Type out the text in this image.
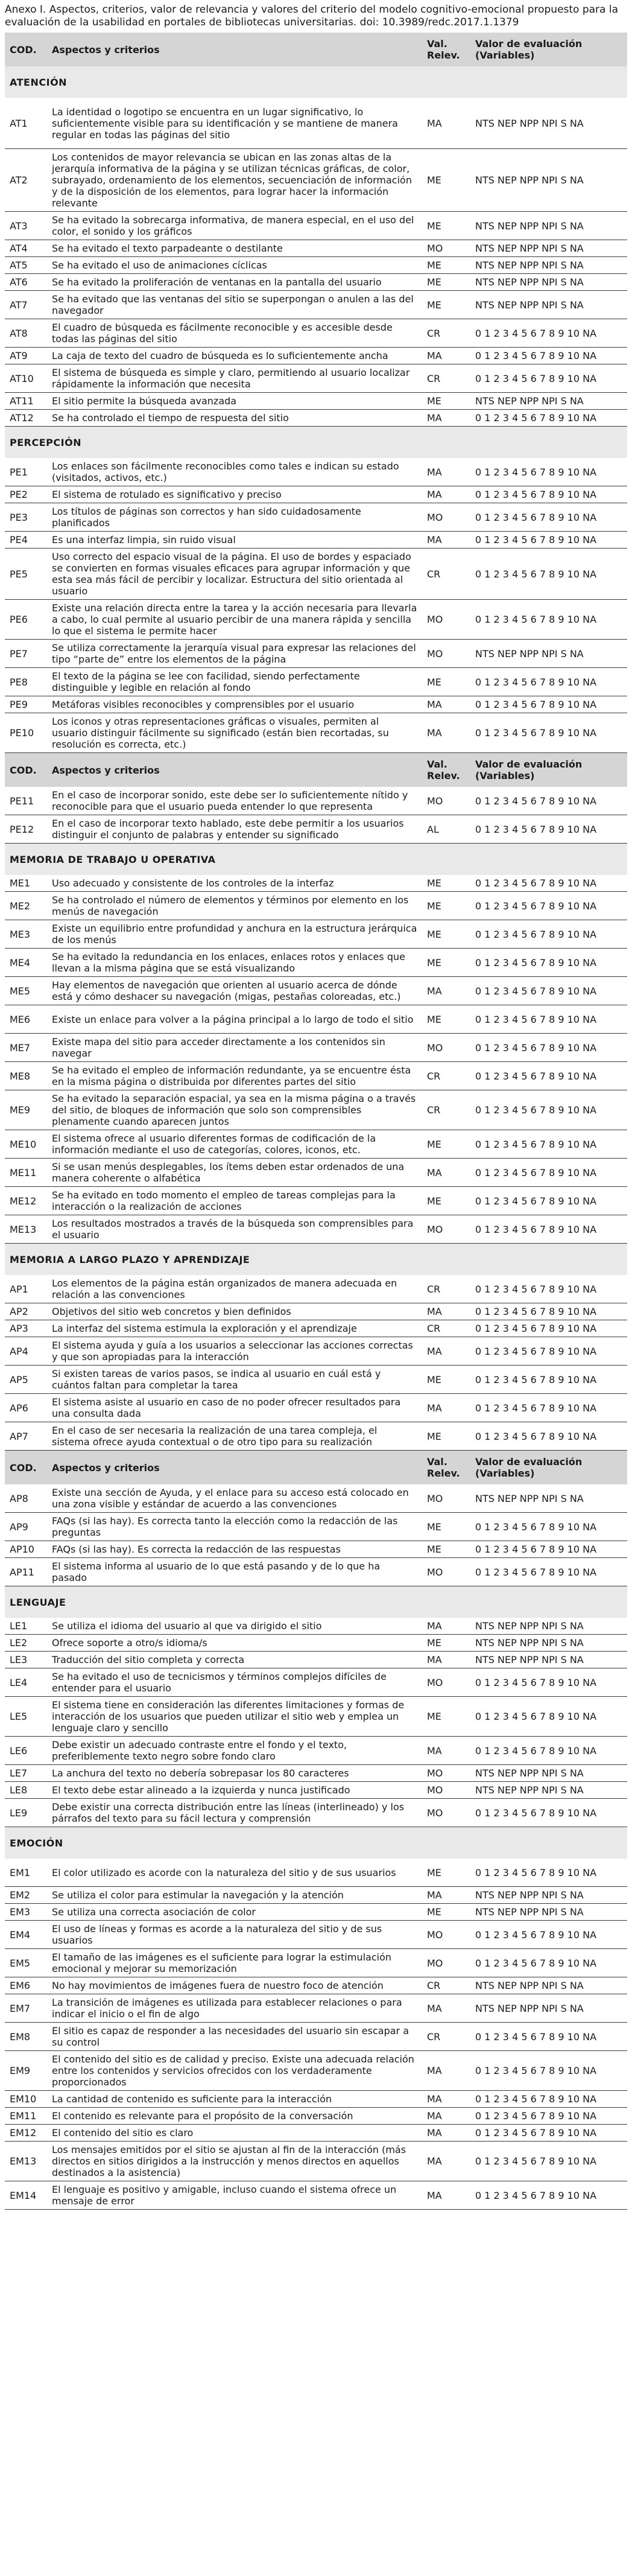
Anexo I. Aspectos, criterios, valor de relevancia y valores del criterio del modelo cognitivo-emocional propuesto para la evaluación de la usabilidad en portales de bibliotecas universitarias. doi: 10.3989/redc.2017.1.1379
COD.	Aspectos y criterios	Val. Relev.	Valor de evaluación (Variables)
ATENCIÓN			
AT1	La identidad o logotipo se encuentra en un lugar significativo, lo suficientemente visible para su identificación y se mantiene de manera regular en todas las páginas del sitio	MA	NTS NEP NPP NPI S NA
AT2	Los contenidos de mayor relevancia se ubican en las zonas altas de la jerarquía informativa de la página y se utilizan técnicas gráficas, de color, subrayado, ordenamiento de los elementos, secuenciación de información y de la disposición de los elementos, para lograr hacer la información relevante	ME	NTS NEP NPP NPI S NA
AT3	Se ha evitado la sobrecarga informativa, de manera especial, en el uso del color, el sonido y los gráficos	ME	NTS NEP NPP NPI S NA
AT4	Se ha evitado el texto parpadeante o destilante	MO	NTS NEP NPP NPI S NA
AT5	Se ha evitado el uso de animaciones cíclicas	ME	NTS NEP NPP NPI S NA
AT6	Se ha evitado la proliferación de ventanas en la pantalla del usuario	ME	NTS NEP NPP NPI S NA
AT7	Se ha evitado que las ventanas del sitio se superpongan o anulen a las del navegador	ME	NTS NEP NPP NPI S NA
AT8	El cuadro de búsqueda es fácilmente reconocible y es accesible desde todas las páginas del sitio	CR	0 1 2 3 4 5 6 7 8 9 10 NA
AT9	La caja de texto del cuadro de búsqueda es lo suficientemente ancha	MA	0 1 2 3 4 5 6 7 8 9 10 NA
AT10	El sistema de búsqueda es simple y claro, permitiendo al usuario localizar rápidamente la información que necesita	CR	0 1 2 3 4 5 6 7 8 9 10 NA
AT11	El sitio permite la búsqueda avanzada	ME	NTS NEP NPP NPI S NA
AT12	Se ha controlado el tiempo de respuesta del sitio	MA	0 1 2 3 4 5 6 7 8 9 10 NA
PERCEPCIÓN			
PE1	Los enlaces son fácilmente reconocibles como tales e indican su estado (visitados, activos, etc.)	MA	0 1 2 3 4 5 6 7 8 9 10 NA
PE2	El sistema de rotulado es significativo y preciso	MA	0 1 2 3 4 5 6 7 8 9 10 NA
PE3	Los títulos de páginas son correctos y han sido cuidadosamente planificados	MO	0 1 2 3 4 5 6 7 8 9 10 NA
PE4	Es una interfaz limpia, sin ruido visual	MA	0 1 2 3 4 5 6 7 8 9 10 NA
PE5	Uso correcto del espacio visual de la página. El uso de bordes y espaciado se convierten en formas visuales eficaces para agrupar información y que esta sea más fácil de percibir y localizar. Estructura del sitio orientada al usuario	CR	0 1 2 3 4 5 6 7 8 9 10 NA
PE6	Existe una relación directa entre la tarea y la acción necesaria para llevarla a cabo, lo cual permite al usuario percibir de una manera rápida y sencilla lo que el sistema le permite hacer	MO	0 1 2 3 4 5 6 7 8 9 10 NA
PE7	Se utiliza correctamente la jerarquía visual para expresar las relaciones del tipo “parte de” entre los elementos de la página	MO	NTS NEP NPP NPI S NA
PE8	El texto de la página se lee con facilidad, siendo perfectamente distinguible y legible en relación al fondo	ME	0 1 2 3 4 5 6 7 8 9 10 NA
PE9	Metáforas visibles reconocibles y comprensibles por el usuario	MA	0 1 2 3 4 5 6 7 8 9 10 NA
PE10	Los iconos y otras representaciones gráficas o visuales, permiten al usuario distinguir fácilmente su significado (están bien recortadas, su resolución es correcta, etc.)	MA	0 1 2 3 4 5 6 7 8 9 10 NA
COD.	Aspectos y criterios	Val. Relev.	Valor de evaluación (Variables)
PE11	En el caso de incorporar sonido, este debe ser lo suficientemente nítido y reconocible para que el usuario pueda entender lo que representa	MO	0 1 2 3 4 5 6 7 8 9 10 NA
PE12	En el caso de incorporar texto hablado, este debe permitir a los usuarios distinguir el conjunto de palabras y entender su significado	AL	0 1 2 3 4 5 6 7 8 9 10 NA
MEMORIA DE TRABAJO U OPERATIVA			
ME1	Uso adecuado y consistente de los controles de la interfaz	ME	0 1 2 3 4 5 6 7 8 9 10 NA
ME2	Se ha controlado el número de elementos y términos por elemento en los menús de navegación	ME	0 1 2 3 4 5 6 7 8 9 10 NA
ME3	Existe un equilibrio entre profundidad y anchura en la estructura jerárquica de los menús	ME	0 1 2 3 4 5 6 7 8 9 10 NA
ME4	Se ha evitado la redundancia en los enlaces, enlaces rotos y enlaces que llevan a la misma página que se está visualizando	ME	0 1 2 3 4 5 6 7 8 9 10 NA
ME5	Hay elementos de navegación que orienten al usuario acerca de dónde está y cómo deshacer su navegación (migas, pestañas coloreadas, etc.)	MA	0 1 2 3 4 5 6 7 8 9 10 NA
ME6	Existe un enlace para volver a la página principal a lo largo de todo el sitio	ME	0 1 2 3 4 5 6 7 8 9 10 NA
ME7	Existe mapa del sitio para acceder directamente a los contenidos sin navegar	MO	0 1 2 3 4 5 6 7 8 9 10 NA
ME8	Se ha evitado el empleo de información redundante, ya se encuentre ésta en la misma página o distribuida por diferentes partes del sitio	CR	0 1 2 3 4 5 6 7 8 9 10 NA
ME9	Se ha evitado la separación espacial, ya sea en la misma página o a través del sitio, de bloques de información que solo son comprensibles plenamente cuando aparecen juntos	CR	0 1 2 3 4 5 6 7 8 9 10 NA
ME10	El sistema ofrece al usuario diferentes formas de codificación de la información mediante el uso de categorías, colores, iconos, etc.	ME	0 1 2 3 4 5 6 7 8 9 10 NA
ME11	Si se usan menús desplegables, los ítems deben estar ordenados de una manera coherente o alfabética	MA	0 1 2 3 4 5 6 7 8 9 10 NA
ME12	Se ha evitado en todo momento el empleo de tareas complejas para la interacción o la realización de acciones	ME	0 1 2 3 4 5 6 7 8 9 10 NA
ME13	Los resultados mostrados a través de la búsqueda son comprensibles para el usuario	MO	0 1 2 3 4 5 6 7 8 9 10 NA
MEMORIA A LARGO PLAZO Y APRENDIZAJE			
AP1	Los elementos de la página están organizados de manera adecuada en relación a las convenciones	CR	0 1 2 3 4 5 6 7 8 9 10 NA
AP2	Objetivos del sitio web concretos y bien definidos	MA	0 1 2 3 4 5 6 7 8 9 10 NA
AP3	La interfaz del sistema estimula la exploración y el aprendizaje	CR	0 1 2 3 4 5 6 7 8 9 10 NA
AP4	El sistema ayuda y guía a los usuarios a seleccionar las acciones correctas y que son apropiadas para la interacción	MA	0 1 2 3 4 5 6 7 8 9 10 NA
AP5	Si existen tareas de varios pasos, se indica al usuario en cuál está y cuántos faltan para completar la tarea	ME	0 1 2 3 4 5 6 7 8 9 10 NA
AP6	El sistema asiste al usuario en caso de no poder ofrecer resultados para una consulta dada	MA	0 1 2 3 4 5 6 7 8 9 10 NA
AP7	En el caso de ser necesaria la realización de una tarea compleja, el sistema ofrece ayuda contextual o de otro tipo para su realización	ME	0 1 2 3 4 5 6 7 8 9 10 NA
COD.	Aspectos y criterios	Val. Relev.	Valor de evaluación (Variables)
AP8	Existe una sección de Ayuda, y el enlace para su acceso está colocado en una zona visible y estándar de acuerdo a las convenciones	MO	NTS NEP NPP NPI S NA
AP9	FAQs (si las hay). Es correcta tanto la elección como la redacción de las preguntas	ME	0 1 2 3 4 5 6 7 8 9 10 NA
AP10	FAQs (si las hay). Es correcta la redacción de las respuestas	ME	0 1 2 3 4 5 6 7 8 9 10 NA
AP11	El sistema informa al usuario de lo que está pasando y de lo que ha pasado	MO	0 1 2 3 4 5 6 7 8 9 10 NA
LENGUAJE			
LE1	Se utiliza el idioma del usuario al que va dirigido el sitio	MA	NTS NEP NPP NPI S NA
LE2	Ofrece soporte a otro/s idioma/s	ME	NTS NEP NPP NPI S NA
LE3	Traducción del sitio completa y correcta	MA	NTS NEP NPP NPI S NA
LE4	Se ha evitado el uso de tecnicismos y términos complejos difíciles de entender para el usuario	MO	0 1 2 3 4 5 6 7 8 9 10 NA
LE5	El sistema tiene en consideración las diferentes limitaciones y formas de interacción de los usuarios que pueden utilizar el sitio web y emplea un lenguaje claro y sencillo	ME	0 1 2 3 4 5 6 7 8 9 10 NA
LE6	Debe existir un adecuado contraste entre el fondo y el texto, preferiblemente texto negro sobre fondo claro	MA	0 1 2 3 4 5 6 7 8 9 10 NA
LE7	La anchura del texto no debería sobrepasar los 80 caracteres	MO	NTS NEP NPP NPI S NA
LE8	El texto debe estar alineado a la izquierda y nunca justificado	MO	NTS NEP NPP NPI S NA
LE9	Debe existir una correcta distribución entre las líneas (interlineado) y los párrafos del texto para su fácil lectura y comprensión	MO	0 1 2 3 4 5 6 7 8 9 10 NA
EMOCIÓN			
EM1	El color utilizado es acorde con la naturaleza del sitio y de sus usuarios	ME	0 1 2 3 4 5 6 7 8 9 10 NA
EM2	Se utiliza el color para estimular la navegación y la atención	MA	NTS NEP NPP NPI S NA
EM3	Se utiliza una correcta asociación de color	ME	NTS NEP NPP NPI S NA
EM4	El uso de líneas y formas es acorde a la naturaleza del sitio y de sus usuarios	MO	0 1 2 3 4 5 6 7 8 9 10 NA
EM5	El tamaño de las imágenes es el suficiente para lograr la estimulación emocional y mejorar su memorización	MO	0 1 2 3 4 5 6 7 8 9 10 NA
EM6	No hay movimientos de imágenes fuera de nuestro foco de atención	CR	NTS NEP NPP NPI S NA
EM7	La transición de imágenes es utilizada para establecer relaciones o para indicar el inicio o el fin de algo	MA	NTS NEP NPP NPI S NA
EM8	El sitio es capaz de responder a las necesidades del usuario sin escapar a su control	CR	0 1 2 3 4 5 6 7 8 9 10 NA
EM9	El contenido del sitio es de calidad y preciso. Existe una adecuada relación entre los contenidos y servicios ofrecidos con los verdaderamente proporcionados	MA	0 1 2 3 4 5 6 7 8 9 10 NA
EM10	La cantidad de contenido es suficiente para la interacción	MA	0 1 2 3 4 5 6 7 8 9 10 NA
EM11	El contenido es relevante para el propósito de la conversación	MA	0 1 2 3 4 5 6 7 8 9 10 NA
EM12	El contenido del sitio es claro	MA	0 1 2 3 4 5 6 7 8 9 10 NA
EM13	Los mensajes emitidos por el sitio se ajustan al fin de la interacción (más directos en sitios dirigidos a la instrucción y menos directos en aquellos destinados a la asistencia)	MA	0 1 2 3 4 5 6 7 8 9 10 NA
EM14	El lenguaje es positivo y amigable, incluso cuando el sistema ofrece un mensaje de error	MA	0 1 2 3 4 5 6 7 8 9 10 NA
